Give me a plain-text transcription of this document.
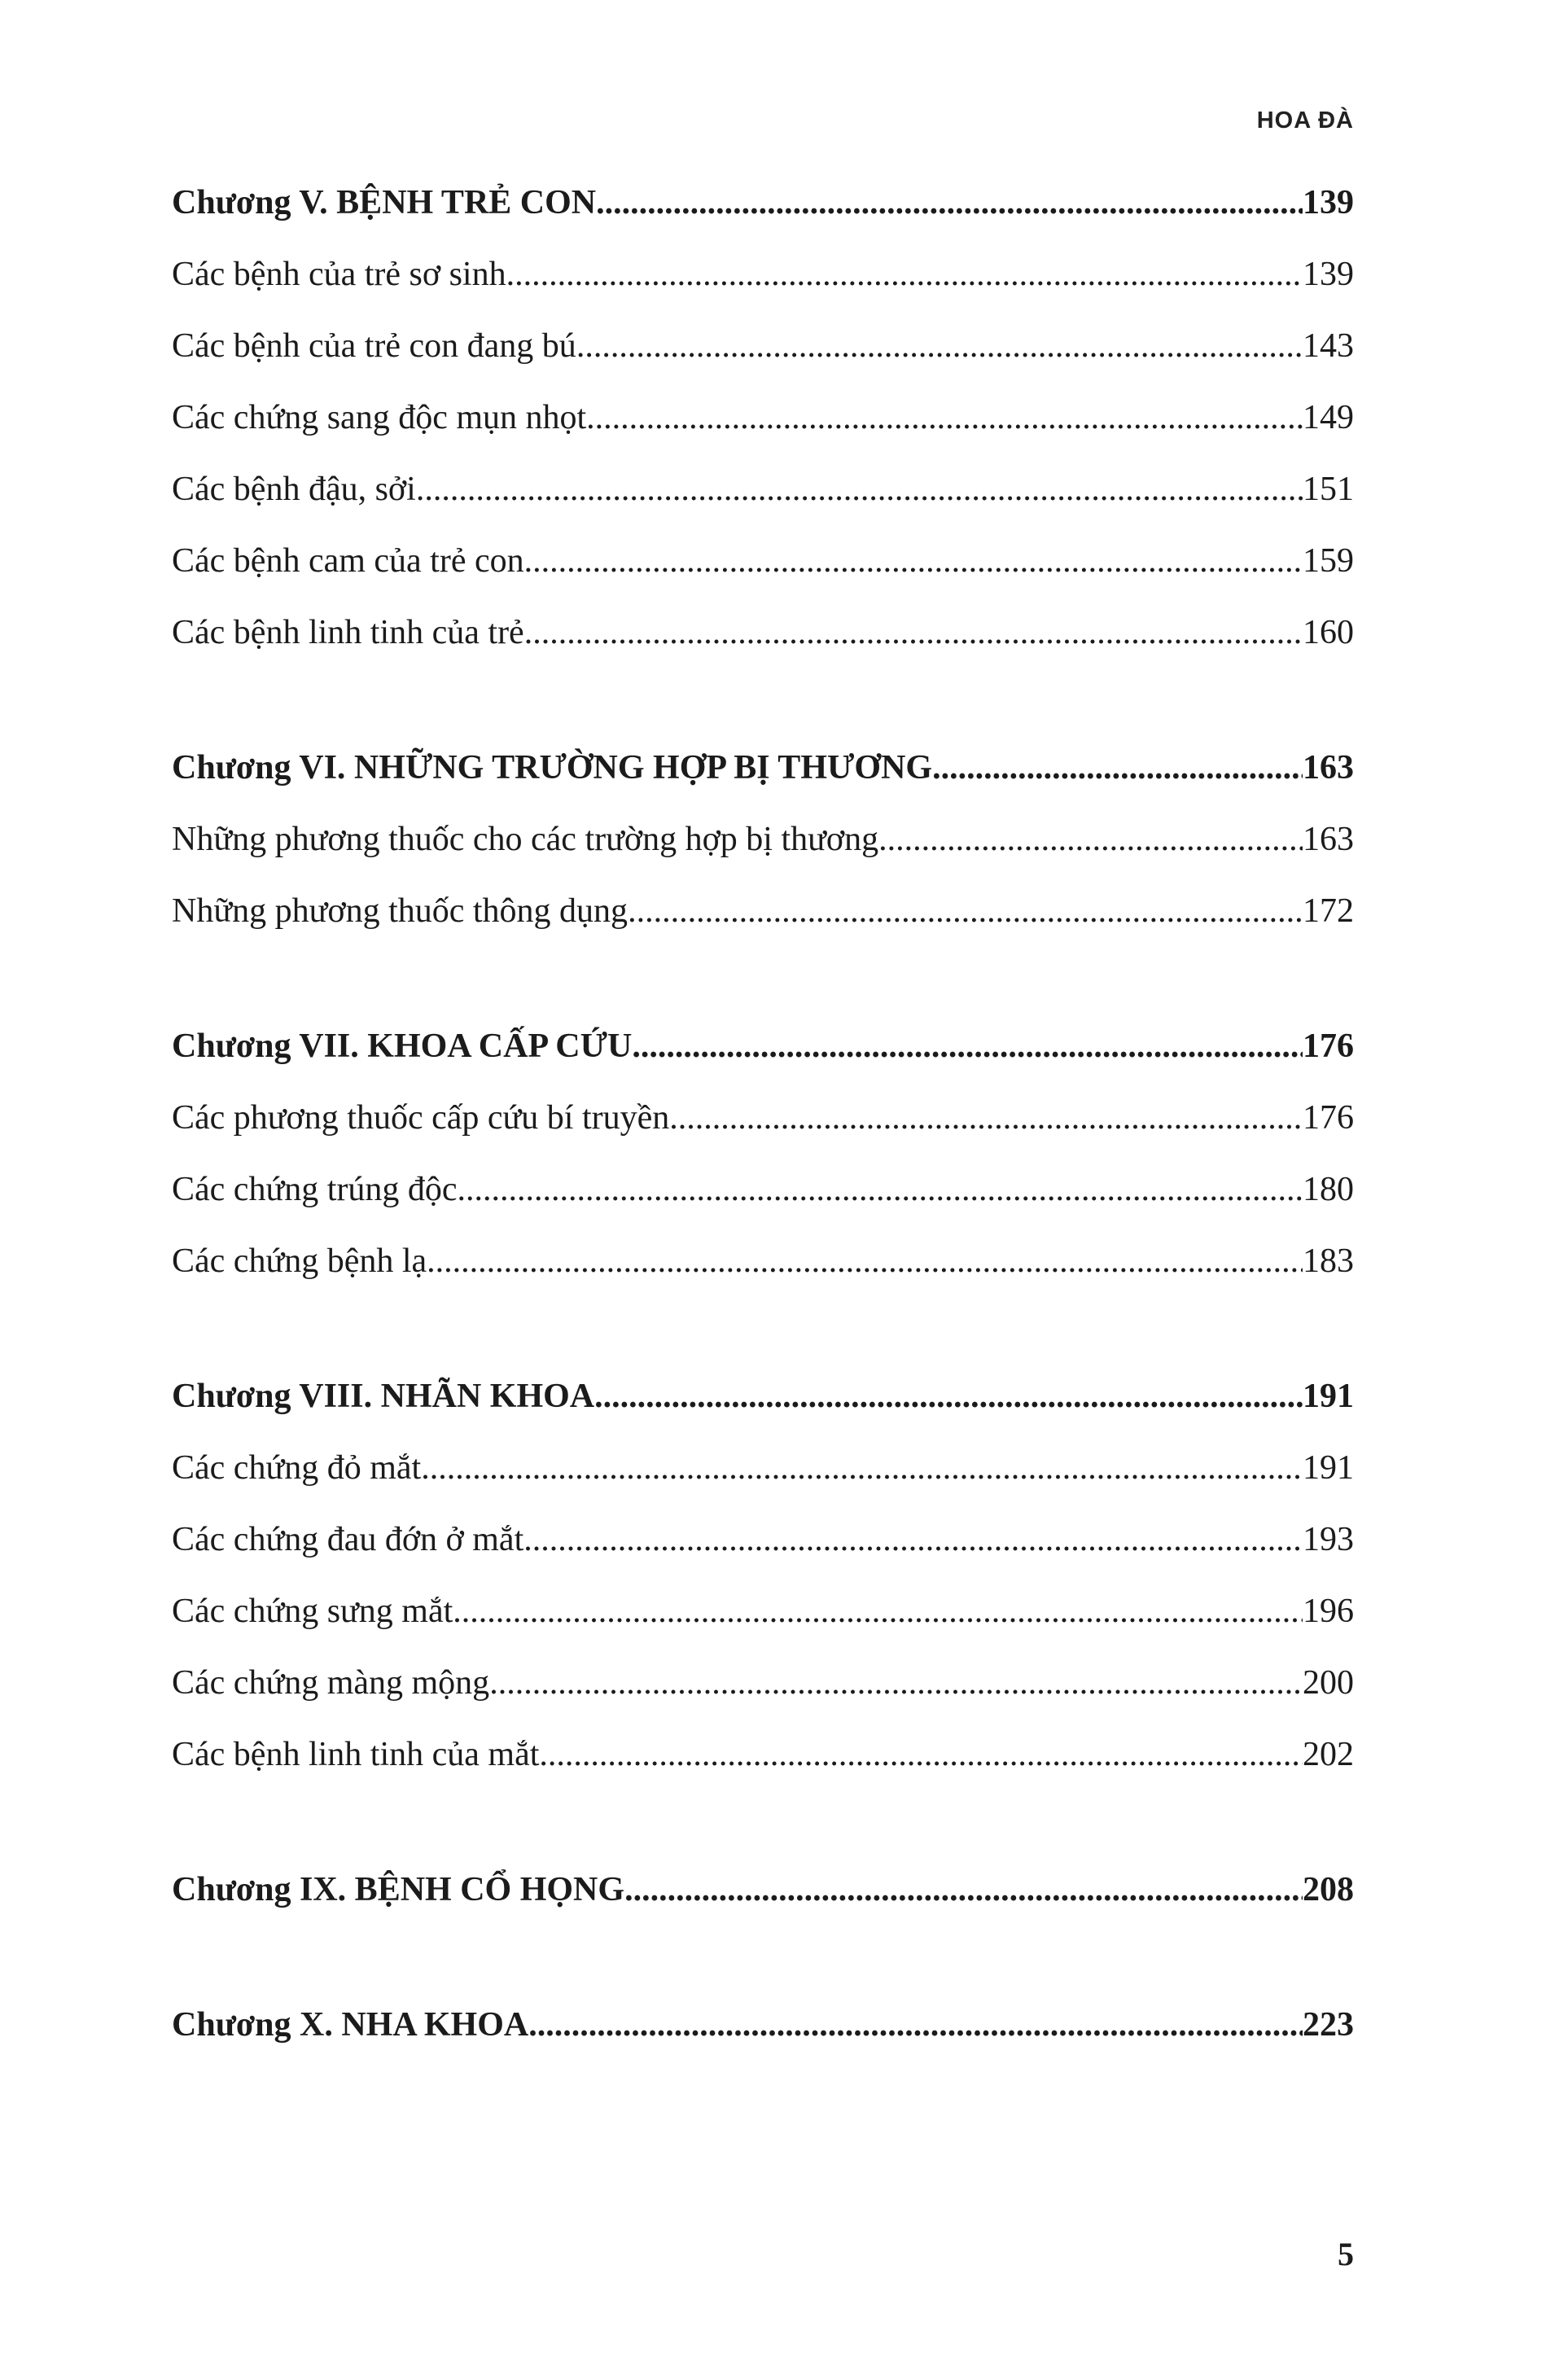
HOA ĐÀ
Chương V. BỆNH TRẺ CON .....	139
Các bệnh của trẻ sơ sinh .....	139
Các bệnh của trẻ con đang bú .....	143
Các chứng sang độc mụn nhọt .....	149
Các bệnh đậu, sởi .....	151
Các bệnh cam của trẻ con .....	159
Các bệnh linh tinh của trẻ .....	160
Chương VI. NHỮNG TRƯỜNG HỢP BỊ THƯƠNG .....	163
Những phương thuốc cho các trường hợp bị thương .....	163
Những phương thuốc thông dụng .....	172
Chương VII. KHOA CẤP CỨU .....	176
Các phương thuốc cấp cứu bí truyền .....	176
Các chứng trúng độc .....	180
Các chứng bệnh lạ .....	183
Chương VIII. NHÃN KHOA .....	191
Các chứng đỏ mắt .....	191
Các chứng đau đớn ở mắt .....	193
Các chứng sưng mắt .....	196
Các chứng màng mộng .....	200
Các bệnh linh tinh của mắt .....	202
Chương IX. BỆNH CỔ HỌNG .....	208
Chương X. NHA KHOA .....	223
5
